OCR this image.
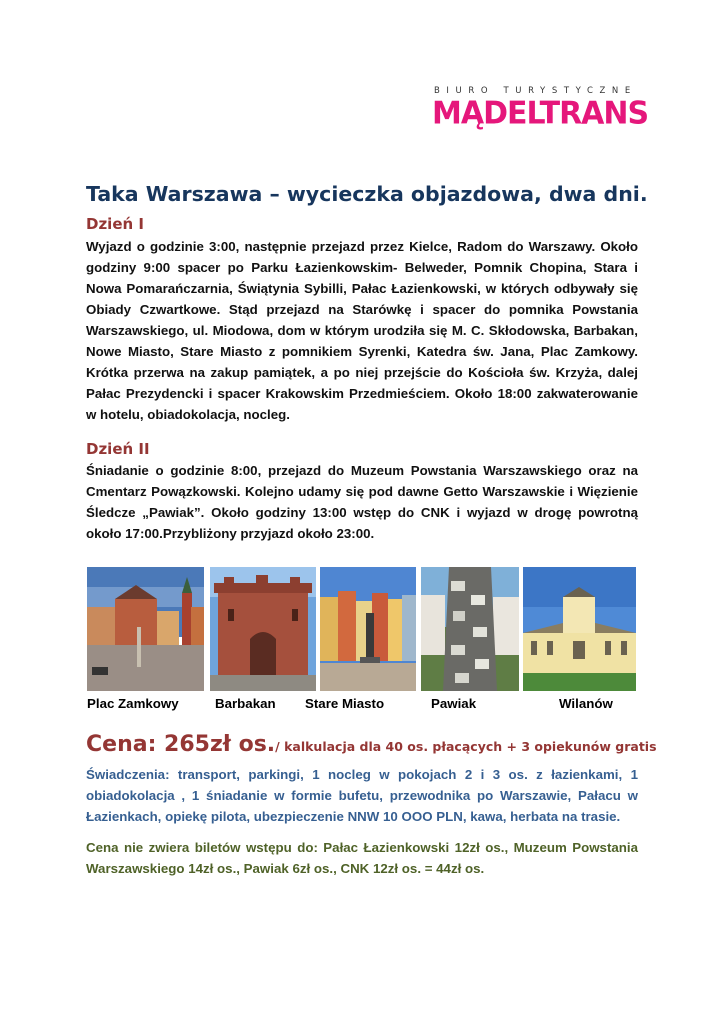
BIURO TURYSTYCZNE
MĄDELTRANS
Taka Warszawa – wycieczka objazdowa, dwa dni.
Dzień I

Wyjazd o godzinie 3:00, następnie przejazd przez Kielce, Radom do Warszawy. Około godziny 9:00 spacer po Parku Łazienkowskim- Belweder, Pomnik Chopina, Stara i Nowa Pomarańczarnia, Świątynia Sybilli, Pałac Łazienkowski, w których odbywały się Obiady Czwartkowe. Stąd przejazd na Starówkę i spacer do pomnika Powstania Warszawskiego, ul. Miodowa, dom w którym urodziła się M. C. Skłodowska, Barbakan, Nowe Miasto, Stare Miasto z pomnikiem Syrenki, Katedra św. Jana, Plac Zamkowy. Krótka przerwa na zakup pamiątek, a po niej przejście do Kościoła św. Krzyża, dalej Pałac Prezydencki i spacer Krakowskim Przedmieściem. Około 18:00 zakwaterowanie w hotelu, obiadokolacja, nocleg.

Dzień II

Śniadanie o godzinie 8:00, przejazd do Muzeum Powstania Warszawskiego oraz na Cmentarz Powązkowski. Kolejno udamy się pod dawne Getto Warszawskie i Więzienie Śledcze „Pawiak”. Około godziny 13:00 wstęp do CNK i wyjazd w drogę powrotną około 17:00.Przybliżony przyjazd około 23:00.

Plac Zamkowy	Barbakan Stare Miasto	Pawiak	Wilanów
Cena: 265zł os./ kalkulacja dla 40 os. płacących + 3 opiekunów gratis

Świadczenia: transport, parkingi, 1 nocleg w pokojach 2 i 3 os. z łazienkami, 1 obiadokolacja , 1 śniadanie w formie bufetu, przewodnika po Warszawie, Pałacu w Łazienkach, opiekę pilota, ubezpieczenie NNW 10 OOO PLN, kawa, herbata na trasie.

Cena nie zwiera biletów wstępu do: Pałac Łazienkowski 12zł os., Muzeum Powstania Warszawskiego 14zł os., Pawiak 6zł os., CNK 12zł os. = 44zł os.
